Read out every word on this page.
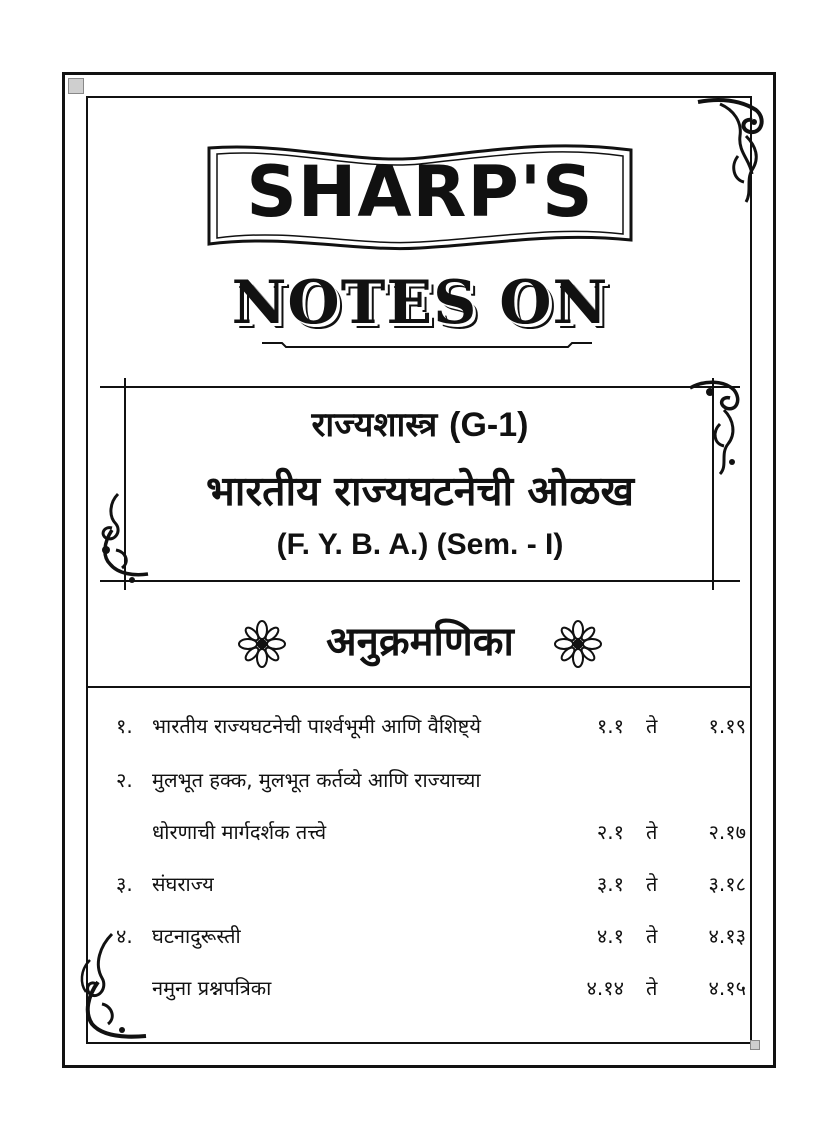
SHARP'S
NOTES ON
राज्यशास्त्र (G-1)
भारतीय राज्यघटनेची ओळख
(F. Y. B. A.) (Sem. - I)
अनुक्रमणिका
१. भारतीय राज्यघटनेची पार्श्वभूमी आणि वैशिष्ट्ये	१.१ ते	१.१९
२. मुलभूत हक्क, मुलभूत कर्तव्ये आणि राज्याच्या
धोरणाची मार्गदर्शक तत्त्वे	२.१ ते	२.१७
३. संघराज्य	३.१ ते	३.१८
४. घटनादुरूस्ती	४.१ ते	४.१३
नमुना प्रश्नपत्रिका	४.१४ ते	४.१५
